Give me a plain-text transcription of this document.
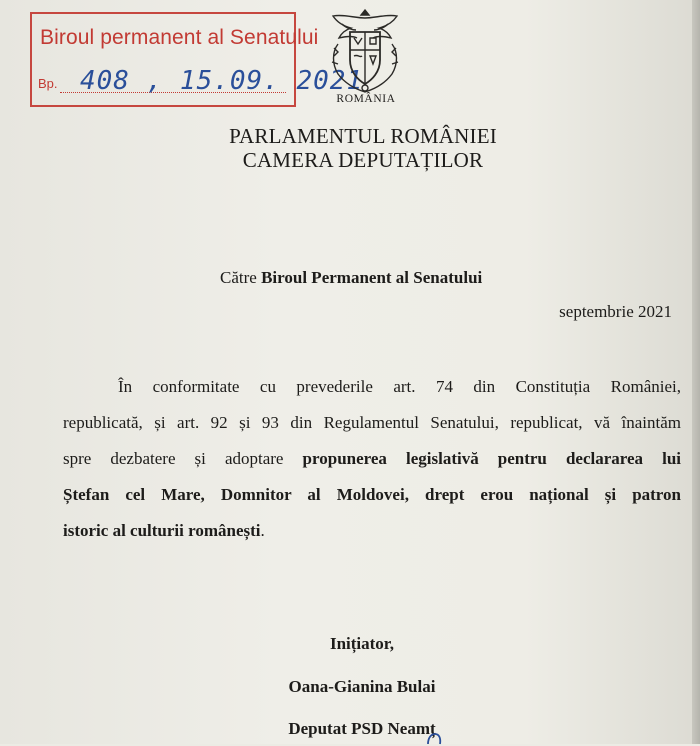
Biroul permanent al Senatului
Bp. 408 , 15.09. 2021
ROMÂNIA
PARLAMENTUL ROMÂNIEI
CAMERA DEPUTAȚILOR
Către Biroul Permanent al Senatului
septembrie 2021
În conformitate cu prevederile art. 74 din Constituția României,
republicată, și art. 92 și 93 din Regulamentul Senatului, republicat, vă înaintăm
spre dezbatere și adoptare propunerea legislativă pentru declararea lui
Ștefan cel Mare, Domnitor al Moldovei, drept erou național și patron
istoric al culturii românești.
Inițiator,
Oana-Gianina Bulai
Deputat PSD Neamț
